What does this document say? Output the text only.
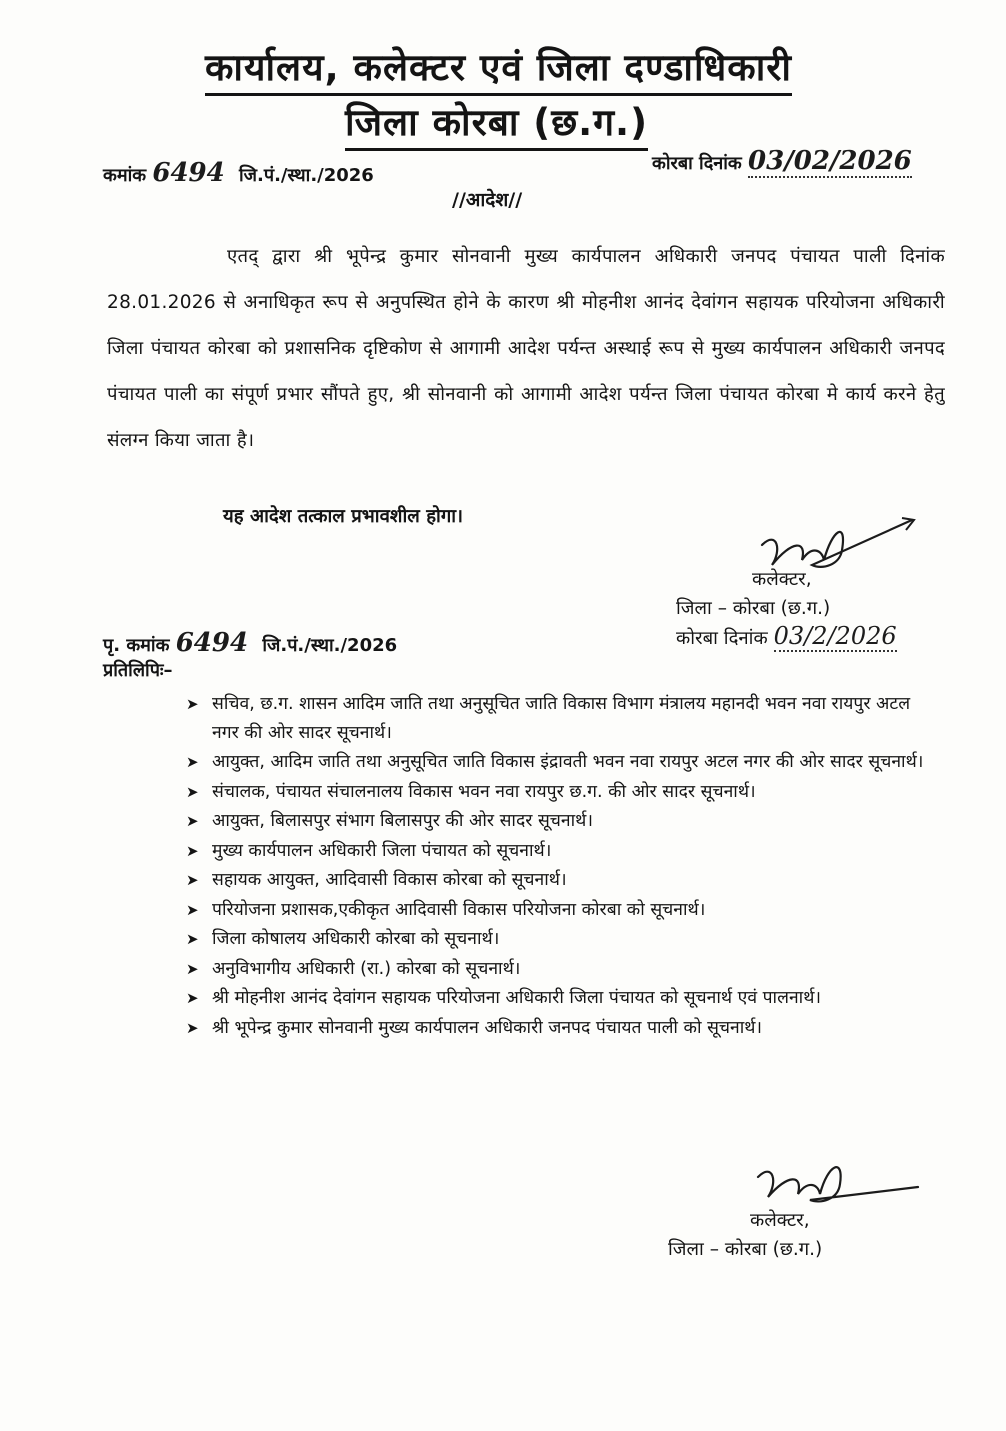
कार्यालय, कलेक्टर एवं जिला दण्डाधिकारी
जिला कोरबा (छ.ग.)
कमांक 6494 जि.पं./स्था./2026
कोरबा दिनांक 03/02/2026
//आदेश//
एतद् द्वारा श्री भूपेन्द्र कुमार सोनवानी मुख्य कार्यपालन अधिकारी जनपद पंचायत पाली दिनांक 28.01.2026 से अनाधिकृत रूप से अनुपस्थित होने के कारण श्री मोहनीश आनंद देवांगन सहायक परियोजना अधिकारी जिला पंचायत कोरबा को प्रशासनिक दृष्टिकोण से आगामी आदेश पर्यन्त अस्थाई रूप से मुख्य कार्यपालन अधिकारी जनपद पंचायत पाली का संपूर्ण प्रभार सौंपते हुए, श्री सोनवानी को आगामी आदेश पर्यन्त जिला पंचायत कोरबा मे कार्य करने हेतु संलग्न किया जाता है।
यह आदेश तत्काल प्रभावशील होगा।
कलेक्टर,
जिला – कोरबा (छ.ग.)
कोरबा दिनांक 03/2/2026
पृ. कमांक 6494 जि.पं./स्था./2026
प्रतिलिपिः–
➤ सचिव, छ.ग. शासन आदिम जाति तथा अनुसूचित जाति विकास विभाग मंत्रालय महानदी भवन नवा रायपुर अटल नगर की ओर सादर सूचनार्थ।
➤ आयुक्त, आदिम जाति तथा अनुसूचित जाति विकास इंद्रावती भवन नवा रायपुर अटल नगर की ओर सादर सूचनार्थ।
➤ संचालक, पंचायत संचालनालय विकास भवन नवा रायपुर छ.ग. की ओर सादर सूचनार्थ।
➤ आयुक्त, बिलासपुर संभाग बिलासपुर की ओर सादर सूचनार्थ।
➤ मुख्य कार्यपालन अधिकारी जिला पंचायत को सूचनार्थ।
➤ सहायक आयुक्त, आदिवासी विकास कोरबा को सूचनार्थ।
➤ परियोजना प्रशासक,एकीकृत आदिवासी विकास परियोजना कोरबा को सूचनार्थ।
➤ जिला कोषालय अधिकारी कोरबा को सूचनार्थ।
➤ अनुविभागीय अधिकारी (रा.) कोरबा को सूचनार्थ।
➤ श्री मोहनीश आनंद देवांगन सहायक परियोजना अधिकारी जिला पंचायत को सूचनार्थ एवं पालनार्थ।
➤ श्री भूपेन्द्र कुमार सोनवानी मुख्य कार्यपालन अधिकारी जनपद पंचायत पाली को सूचनार्थ।
कलेक्टर,
जिला – कोरबा (छ.ग.)
